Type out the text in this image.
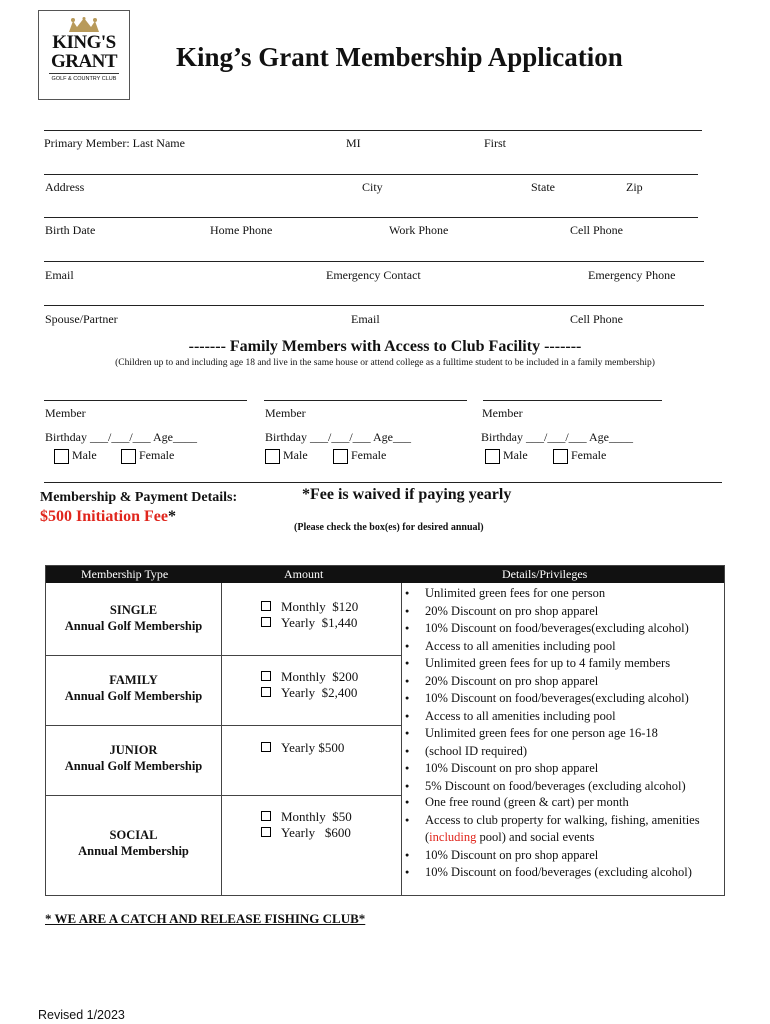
KING'S
GRANT
GOLF & COUNTRY CLUB
King’s Grant Membership Application
Primary Member: Last Name	MI	First
Address	City	State	Zip
Birth Date	Home Phone	Work Phone	Cell Phone
Email	Emergency Contact	Emergency Phone
Spouse/Partner	Email	Cell Phone
------- Family Members with Access to Club Facility -------
(Children up to and including age 18 and live in the same house or attend college as a fulltime student to be included in a family membership)
Member	Member	Member
Birthday ___/___/___ Age____	Birthday ___/___/___ Age___	Birthday ___/___/___ Age____
Male	Female	Male	Female	Male	Female
Membership & Payment Details:
$500 Initiation Fee*
*Fee is waived if paying yearly
(Please check the box(es) for desired annual)
Membership Type	Amount	Details/Privileges
SINGLE
Annual Golf Membership
Monthly $120
Yearly $1,440
● Unlimited green fees for one person
● 20% Discount on pro shop apparel
● 10% Discount on food/beverages(excluding alcohol)
● Access to all amenities including pool
FAMILY
Annual Golf Membership
Monthly $200
Yearly $2,400
● Unlimited green fees for up to 4 family members
● 20% Discount on pro shop apparel
● 10% Discount on food/beverages(excluding alcohol)
● Access to all amenities including pool
JUNIOR
Annual Golf Membership
Yearly $500
● Unlimited green fees for one person age 16-18
● (school ID required)
● 10% Discount on pro shop apparel
● 5% Discount on food/beverages (excluding alcohol)
SOCIAL
Annual Membership
Monthly $50
Yearly $600
● One free round (green & cart) per month
● Access to club property for walking, fishing, amenities (including pool) and social events
● 10% Discount on pro shop apparel
● 10% Discount on food/beverages (excluding alcohol)
* WE ARE A CATCH AND RELEASE FISHING CLUB*
Revised 1/2023
